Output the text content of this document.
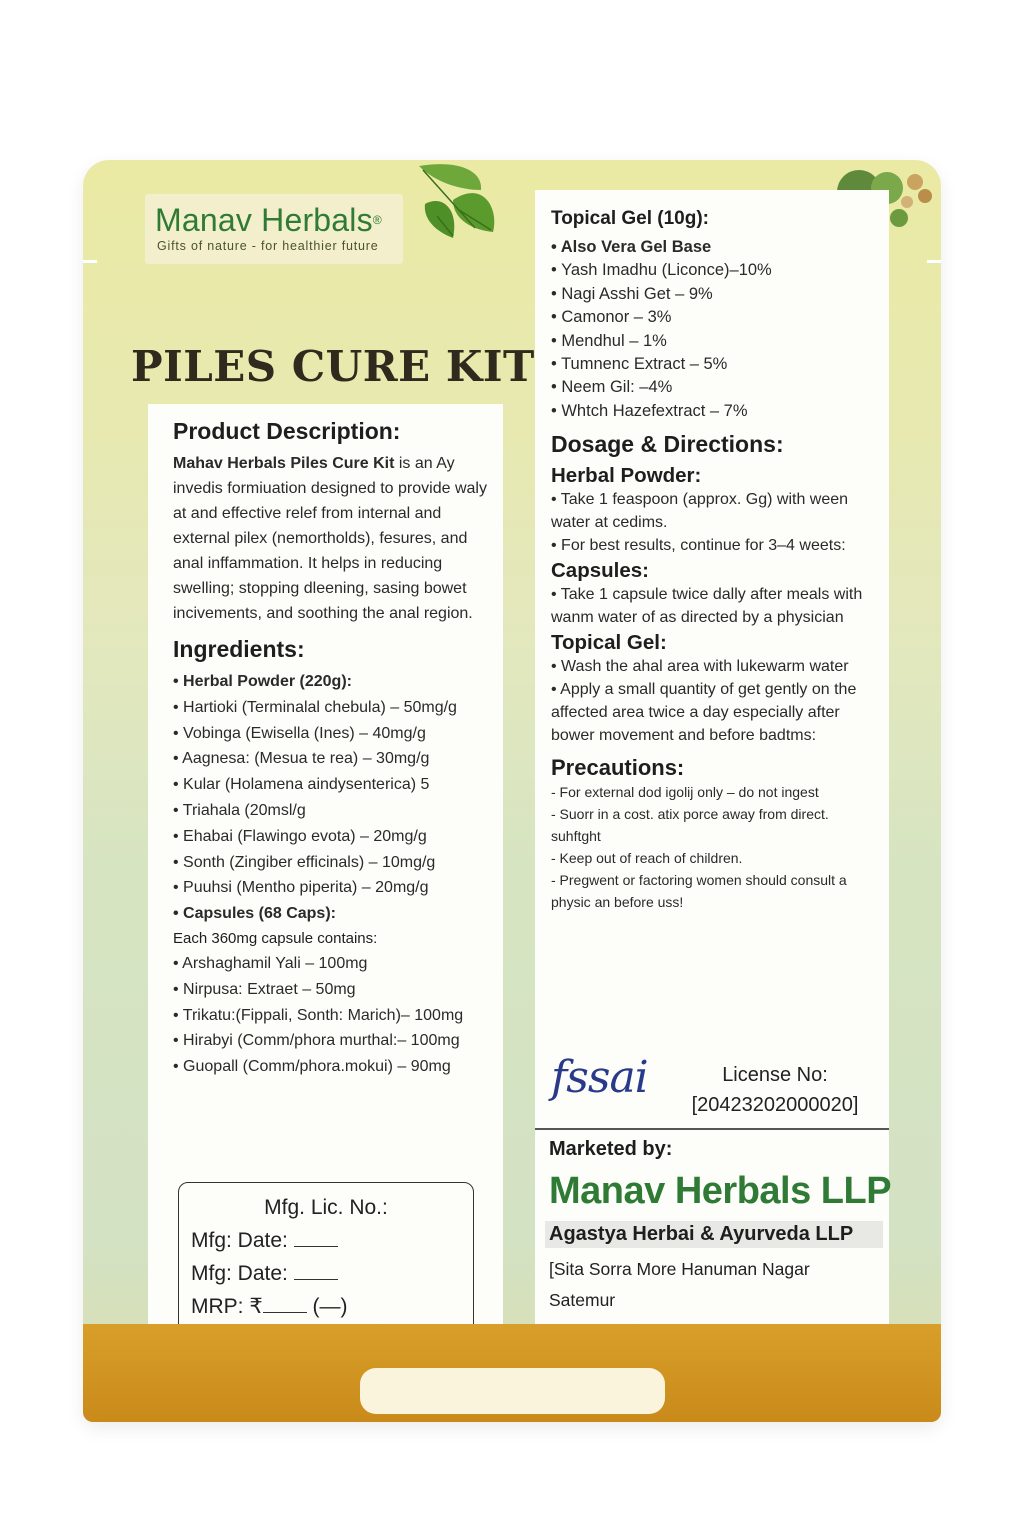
Manav Herbals®
Gifts of nature - for healthier future
PILES CURE KIT
Product Description:

Mahav Herbals Piles Cure Kit is an Ay invedis formiuation designed to provide waly at and effective relef from internal and external pilex (nemortholds), fesures, and anal inffammation. It helps in reducing swelling; stopping dleening, sasing bowet incivements, and soothing the anal region.

Ingredients:
• Herbal Powder (220g):
• Hartioki (Terminalal chebula) – 50mg/g
• Vobinga (Ewisella (Ines) – 40mg/g
• Aagnesa: (Mesua te rea) – 30mg/g
• Kular (Holamena aindysenterica) 5
• Triahala (20msl/g
• Ehabai (Flawingo evota) – 20mg/g
• Sonth (Zingiber efficinals) – 10mg/g
• Puuhsi (Mentho piperita) – 20mg/g
• Capsules (68 Caps):
Each 360mg capsule contains:
• Arshaghamil Yali – 100mg
• Nirpusa: Extraet – 50mg
• Trikatu:(Fippali, Sonth: Marich)– 100mg
• Hirabyi (Comm/phora murthal:– 100mg
• Guopall (Comm/phora.mokui) – 90mg
Mfg. Lic. No.:
Mfg: Date:
Mfg: Date:
MRP: ₹ (—)
Topical Gel (10g):
• Also Vera Gel Base
• Yash Imadhu (Liconce)–10%
• Nagi Asshi Get – 9%
• Camonor – 3%
• Mendhul – 1%
• Tumnenc Extract – 5%
• Neem Gil: –4%
• Whtch Hazefextract – 7%
Dosage & Directions:
Herbal Powder:

• Take 1 feaspoon (approx. Gg) with ween water at cedims.

• For best results, continue for 3–4 weets:

Capsules:

• Take 1 capsule twice dally after meals with wanm water of as directed by a physician

Topical Gel:

• Wash the ahal area with lukewarm water

• Apply a small quantity of get gently on the affected area twice a day especially after bower movement and before badtms:

Precautions:

- For external dod igolij only – do not ingest

- Suorr in a cost. atix porce away from direct. suhftght

- Keep out of reach of children.

- Pregwent or factoring women should consult a physic an before uss!

fssai	License No:
[20423202000020]
Marketed by:
Manav Herbals LLP
Agastya Herbai & Ayurveda LLP
[Sita Sorra More Hanuman Nagar
Satemur
